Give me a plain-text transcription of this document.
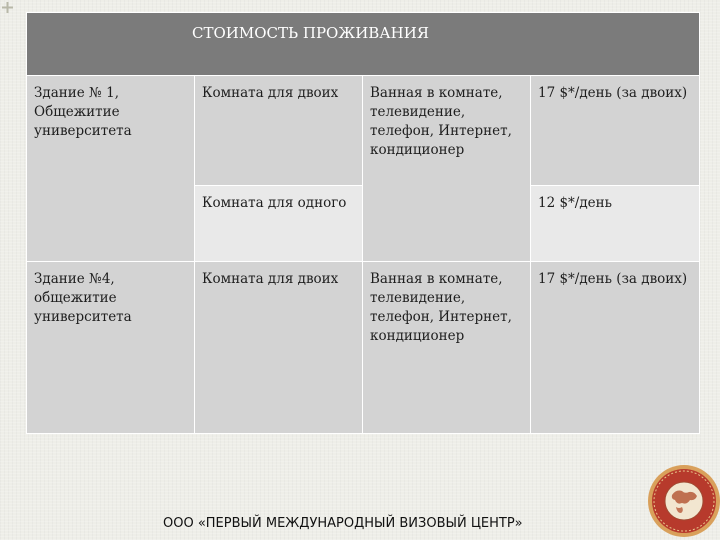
СТОИМОСТЬ ПРОЖИВАНИЯ			
Здание № 1, Общежитие университета	Комната для двоих	Ванная в комнате, телевидение, телефон, Интернет, кондиционер	17 $*/день (за двоих)
	Комната для одного		12 $*/день
Здание №4, общежитие университета	Комната для двоих	Ванная в комнате, телевидение, телефон, Интернет, кондиционер	17 $*/день (за двоих)
ООО «ПЕРВЫЙ МЕЖДУНАРОДНЫЙ ВИЗОВЫЙ ЦЕНТР»
